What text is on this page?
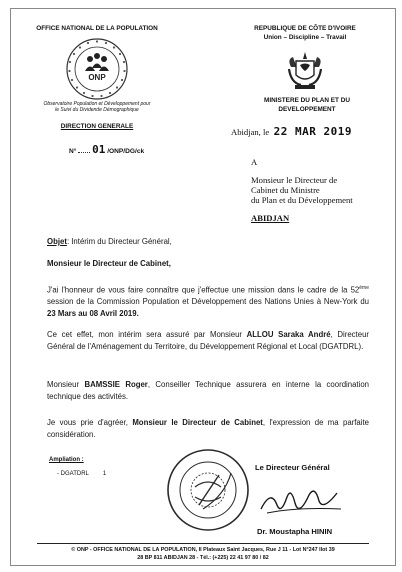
OFFICE NATIONAL DE LA POPULATION
ONP
Observatoire Population et Développement pour le Suivi du Dividende Démographique
DIRECTION GENERALE
N° 01 /ONP/DG/ck
REPUBLIQUE DE CÔTE D'IVOIRE
Union – Discipline – Travail
MINISTERE DU PLAN ET DU DEVELOPPEMENT
Abidjan, le 22 MAR 2019
A
Monsieur le Directeur de
Cabinet du Ministre
du Plan et du Développement
ABIDJAN
Objet: Intérim du Directeur Général,
Monsieur le Directeur de Cabinet,
J'ai l'honneur de vous faire connaître que j'effectue une mission dans le cadre de la 52ème session de la Commission Population et Développement des Nations Unies à New-York du 23 Mars au 08 Avril 2019.
Ce cet effet, mon intérim sera assuré par Monsieur ALLOU Saraka André, Directeur Général de l'Aménagement du Territoire, du Développement Régional et Local (DGATDRL).
Monsieur BAMSSIE Roger, Conseiller Technique assurera en interne la coordination technique des activités.
Je vous prie d'agréer, Monsieur le Directeur de Cabinet, l'expression de ma parfaite considération.
Ampliation :
- DGATDRL 1
Le Directeur Général
Dr. Moustapha HININ
© ONP - OFFICE NATIONAL DE LA POPULATION, Il Plateaux Saint Jacques, Rue J 11 - Lot N°247 Ilot 39
28 BP 811 ABIDJAN 28 - Tél.: (+225) 22 41 97 80 / 82
